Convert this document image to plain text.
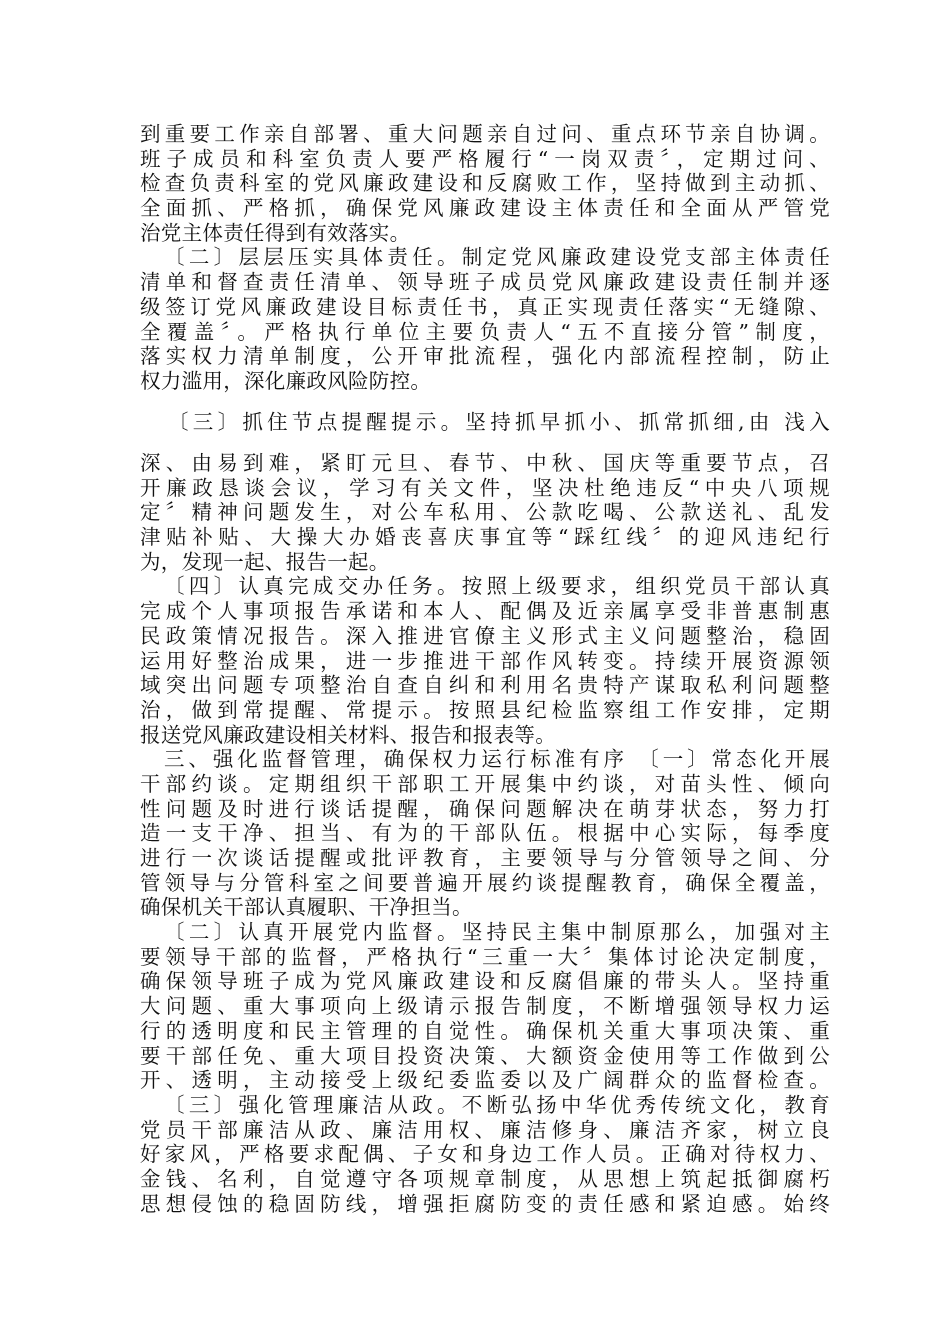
到重要工作亲自部署、重大问题亲自过问、重点环节亲自协调。
班子成员和科室负责人要严格履行“一岗双责〞，定期过问、
检查负责科室的党风廉政建设和反腐败工作，坚持做到主动抓、
全面抓、严格抓，确保党风廉政建设主体责任和全面从严管党
治党主体责任得到有效落实。
〔二〕层层压实具体责任。制定党风廉政建设党支部主体责任
清单和督查责任清单、领导班子成员党风廉政建设责任制并逐
级签订党风廉政建设目标责任书，真正实现责任落实“无缝隙、
全覆盖〞。严格执行单位主要负责人“五不直接分管”制度，
落实权力清单制度，公开审批流程，强化内部流程控制，防止
权力滥用，深化廉政风险防控。
〔三〕抓住节点提醒提示。坚持抓早抓小、抓常抓细,由 浅入
深、由易到难，紧盯元旦、春节、中秋、国庆等重要节点，召
开廉政恳谈会议，学习有关文件，坚决杜绝违反“中央八项规
定〞精神问题发生，对公车私用、公款吃喝、公款送礼、乱发
津贴补贴、大操大办婚丧喜庆事宜等“踩红线〞的迎风违纪行
为，发现一起、报告一起。
〔四〕认真完成交办任务。按照上级要求，组织党员干部认真
完成个人事项报告承诺和本人、配偶及近亲属享受非普惠制惠
民政策情况报告。深入推进官僚主义形式主义问题整治，稳固
运用好整治成果，进一步推进干部作风转变。持续开展资源领
域突出问题专项整治自查自纠和利用名贵特产谋取私利问题整
治，做到常提醒、常提示。按照县纪检监察组工作安排，定期
报送党风廉政建设相关材料、报告和报表等。
三、强化监督管理，确保权力运行标准有序 〔一〕常态化开展
干部约谈。定期组织干部职工开展集中约谈，对苗头性、倾向
性问题及时进行谈话提醒，确保问题解决在萌芽状态，努力打
造一支干净、担当、有为的干部队伍。根据中心实际，每季度
进行一次谈话提醒或批评教育，主要领导与分管领导之间、分
管领导与分管科室之间要普遍开展约谈提醒教育，确保全覆盖，
确保机关干部认真履职、干净担当。
〔二〕认真开展党内监督。坚持民主集中制原那么，加强对主
要领导干部的监督，严格执行“三重一大〞集体讨论决定制度，
确保领导班子成为党风廉政建设和反腐倡廉的带头人。坚持重
大问题、重大事项向上级请示报告制度，不断增强领导权力运
行的透明度和民主管理的自觉性。确保机关重大事项决策、重
要干部任免、重大项目投资决策、大额资金使用等工作做到公
开、透明，主动接受上级纪委监委以及广阔群众的监督检查。
〔三〕强化管理廉洁从政。不断弘扬中华优秀传统文化，教育
党员干部廉洁从政、廉洁用权、廉洁修身、廉洁齐家，树立良
好家风，严格要求配偶、子女和身边工作人员。正确对待权力、
金钱、名利，自觉遵守各项规章制度，从思想上筑起抵御腐朽
思想侵蚀的稳固防线，增强拒腐防变的责任感和紧迫感。始终
